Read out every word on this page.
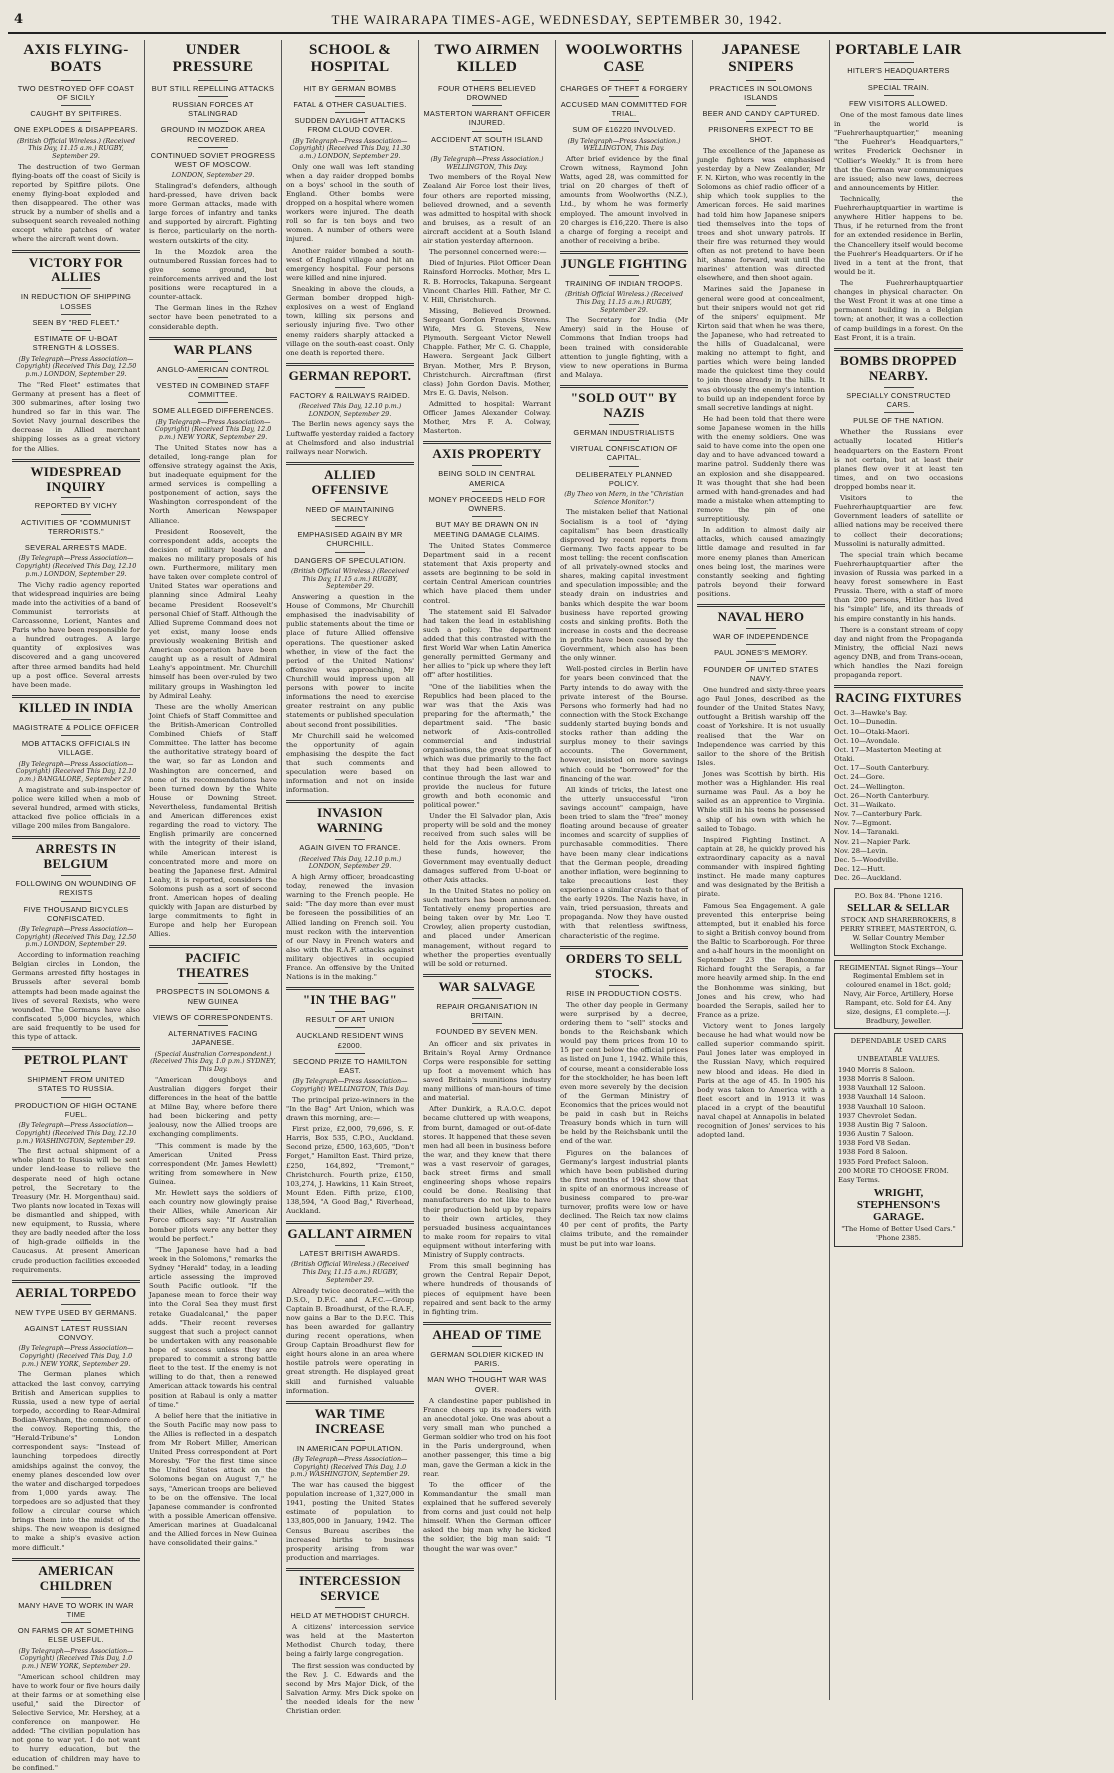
4	THE WAIRARAPA TIMES-AGE, WEDNESDAY, SEPTEMBER 30, 1942.
AXIS FLYING-BOATS
TWO DESTROYED OFF COAST OF SICILY
CAUGHT BY SPITFIRES.
ONE EXPLODES & DISAPPEARS.
(British Official Wireless.) (Received This Day, 11.15 a.m.) RUGBY, September 29.

The destruction of two German flying-boats off the coast of Sicily is reported by Spitfire pilots. One enemy flying-boat exploded and then disappeared. The other was struck by a number of shells and a subsequent search revealed nothing except white patches of water where the aircraft went down.

VICTORY FOR ALLIES
IN REDUCTION OF SHIPPING LOSSES
SEEN BY "RED FLEET."
ESTIMATE OF U-BOAT STRENGTH & LOSSES.
(By Telegraph—Press Association—Copyright) (Received This Day, 12.50 p.m.) LONDON, September 29.

The "Red Fleet" estimates that Germany at present has a fleet of 300 submarines, after losing two hundred so far in this war. The Soviet Navy journal describes the decrease in Allied merchant shipping losses as a great victory for the Allies.

WIDESPREAD INQUIRY
REPORTED BY VICHY
ACTIVITIES OF "COMMUNIST TERRORISTS."
SEVERAL ARRESTS MADE.
(By Telegraph—Press Association—Copyright) (Received This Day, 12.10 p.m.) LONDON, September 29.

The Vichy radio agency reported that widespread inquiries are being made into the activities of a band of Communist terrorists at Carcassonne, Lorient, Nantes and Paris who have been responsible for a hundred outrages. A large quantity of explosives was discovered and a gang uncovered after three armed bandits had held up a post office. Several arrests have been made.

KILLED IN INDIA
MAGISTRATE & POLICE OFFICER
MOB ATTACKS OFFICIALS IN VILLAGE.
(By Telegraph—Press Association—Copyright) (Received This Day, 12.10 p.m.) BANGALORE, September 29.

A magistrate and sub-inspector of police were killed when a mob of several hundred, armed with sticks, attacked five police officials in a village 200 miles from Bangalore.

ARRESTS IN BELGIUM
FOLLOWING ON WOUNDING OF REXISTS
FIVE THOUSAND BICYCLES CONFISCATED.
(By Telegraph—Press Association—Copyright) (Received This Day, 12.50 p.m.) LONDON, September 29.

According to information reaching Belgian circles in London, the Germans arrested fifty hostages in Brussels after several bomb attempts had been made against the lives of several Rexists, who were wounded. The Germans have also confiscated 5,000 bicycles, which are said frequently to be used for this type of attack.

PETROL PLANT
SHIPMENT FROM UNITED STATES TO RUSSIA.
PRODUCTION OF HIGH OCTANE FUEL.
(By Telegraph—Press Association—Copyright) (Received This Day, 12.10 p.m.) WASHINGTON, September 29.

The first actual shipment of a whole plant to Russia will be sent under lend-lease to relieve the desperate need of high octane petrol, the Secretary to the Treasury (Mr. H. Morgenthau) said. Two plants now located in Texas will be dismantled and shipped, with new equipment, to Russia, where they are badly needed after the loss of high-grade oilfields in the Caucasus. At present American crude production facilities exceeded requirements.

AERIAL TORPEDO
NEW TYPE USED BY GERMANS.
AGAINST LATEST RUSSIAN CONVOY.
(By Telegraph—Press Association—Copyright) (Received This Day, 1.0 p.m.) NEW YORK, September 29.

The German planes which attacked the last convoy, carrying British and American supplies to Russia, used a new type of aerial torpedo, according to Rear-Admiral Bodian-Wersham, the commodore of the convoy. Reporting this, the "Herald-Tribune's" London correspondent says: "Instead of launching torpedoes directly amidships against the convoy, the enemy planes descended low over the water and discharged torpedoes from 1,000 yards away. The torpedoes are so adjusted that they follow a circular course which brings them into the midst of the ships. The new weapon is designed to make a ship's evasive action more difficult."

AMERICAN CHILDREN
MANY HAVE TO WORK IN WAR TIME
ON FARMS OR AT SOMETHING ELSE USEFUL.
(By Telegraph—Press Association—Copyright) (Received This Day, 1.0 p.m.) NEW YORK, September 29.

"American school children may have to work four or five hours daily at their farms or at something else useful," said the Director of Selective Service, Mr. Hershey, at a conference on manpower. He added: "The civilian population has not gone to war yet. I do not want to hurry education, but the education of children may have to be confined."

UNDER PRESSURE
BUT STILL REPELLING ATTACKS
RUSSIAN FORCES AT STALINGRAD
GROUND IN MOZDOK AREA RECOVERED.
CONTINUED SOVIET PROGRESS WEST OF MOSCOW.
LONDON, September 29.

Stalingrad's defenders, although hard-pressed, have driven back more German attacks, made with large forces of infantry and tanks and supported by aircraft. Fighting is fierce, particularly on the north-western outskirts of the city.

In the Mozdok area the outnumbered Russian forces had to give some ground, but reinforcements arrived and the lost positions were recaptured in a counter-attack.

The German lines in the Rzhev sector have been penetrated to a considerable depth.

WAR PLANS
ANGLO-AMERICAN CONTROL
VESTED IN COMBINED STAFF COMMITTEE.
SOME ALLEGED DIFFERENCES.
(By Telegraph—Press Association—Copyright) (Received This Day, 12.0 p.m.) NEW YORK, September 29.

The United States now has a detailed, long-range plan for offensive strategy against the Axis, but inadequate equipment for the armed services is compelling a postponement of action, says the Washington correspondent of the North American Newspaper Alliance.

President Roosevelt, the correspondent adds, accepts the decision of military leaders and makes no military proposals of his own. Furthermore, military men have taken over complete control of United States war operations and planning since Admiral Leahy became President Roosevelt's personal Chief of Staff. Although the Allied Supreme Command does not yet exist, many loose ends previously weakening British and American cooperation have been caught up as a result of Admiral Leahy's appointment. Mr. Churchill himself has been over-ruled by two military groups in Washington led by Admiral Leahy.

These are the wholly American Joint Chiefs of Staff Committee and the British-American Controlled Combined Chiefs of Staff Committee. The latter has become the authoritative strategy board of the war, so far as London and Washington are concerned, and none of its recommendations have been turned down by the White House or Downing Street. Nevertheless, fundamental British and American differences exist regarding the road to victory. The English primarily are concerned with the integrity of their island, while American interest is concentrated more and more on beating the Japanese first. Admiral Leahy, it is reported, considers the Solomons push as a sort of second front. American hopes of dealing quickly with Japan are disturbed by large commitments to fight in Europe and help her European Allies.

PACIFIC THEATRES
PROSPECTS IN SOLOMONS & NEW GUINEA
VIEWS OF CORRESPONDENTS.
ALTERNATIVES FACING JAPANESE.
(Special Australian Correspondent.) (Received This Day, 1.0 p.m.) SYDNEY, This Day.

"American doughboys and Australian diggers forget their differences in the heat of the battle at Milne Bay, where before there had been bickering and petty jealousy, now the Allied troops are exchanging compliments.

"This comment is made by the American United Press correspondent (Mr. James Hewlett) writing from somewhere in New Guinea.

Mr. Hewlett says the soldiers of each country now glowingly praise their Allies, while American Air Force officers say: "If Australian bomber pilots were any better they would be perfect."

"The Japanese have had a bad week in the Solomons," remarks the Sydney "Herald" today, in a leading article assessing the improved South Pacific outlook. "If the Japanese mean to force their way into the Coral Sea they must first retake Guadalcanal," the paper adds. "Their recent reverses suggest that such a project cannot be undertaken with any reasonable hope of success unless they are prepared to commit a strong battle fleet to the test. If the enemy is not willing to do that, then a renewed American attack towards his central position at Rabaul is only a matter of time."

A belief here that the initiative in the South Pacific may now pass to the Allies is reflected in a despatch from Mr Robert Miller, American United Press correspondent at Port Moresby. "For the first time since the United States attack on the Solomons began on August 7," he says, "American troops are believed to be on the offensive. The local Japanese commander is confronted with a possible American offensive. American marines at Guadalcanal and the Allied forces in New Guinea have consolidated their gains."

SCHOOL & HOSPITAL
HIT BY GERMAN BOMBS
FATAL & OTHER CASUALTIES.
SUDDEN DAYLIGHT ATTACKS FROM CLOUD COVER.
(By Telegraph—Press Association—Copyright) (Received This Day, 11.30 a.m.) LONDON, September 29.

Only one wall was left standing when a day raider dropped bombs on a boys' school in the south of England. Other bombs were dropped on a hospital where women workers were injured. The death roll so far is ten boys and two women. A number of others were injured.

Another raider bombed a south-west of England village and hit an emergency hospital. Four persons were killed and nine injured.

Sneaking in above the clouds, a German bomber dropped high-explosives on a west of England town, killing six persons and seriously injuring five. Two other enemy raiders sharply attacked a village on the south-east coast. Only one death is reported there.

GERMAN REPORT.
FACTORY & RAILWAYS RAIDED.
(Received This Day, 12.10 p.m.) LONDON, September 29.

The Berlin news agency says the Luftwaffe yesterday raided a factory at Chelmsford and also industrial railways near Norwich.

ALLIED OFFENSIVE
NEED OF MAINTAINING SECRECY
EMPHASISED AGAIN BY MR CHURCHILL.
DANGERS OF SPECULATION.
(British Official Wireless.) (Received This Day, 11.15 a.m.) RUGBY, September 29.

Answering a question in the House of Commons, Mr Churchill emphasised the inadvisability of public statements about the time or place of future Allied offensive operations. The questioner asked whether, in view of the fact the period of the United Nations' offensive was approaching, Mr Churchill would impress upon all persons with power to incite informations the need to exercise greater restraint on any public statements or published speculation about second front possibilities.

Mr Churchill said he welcomed the opportunity of again emphasising the despite the fact that such comments and speculation were based on information and not on inside information.

INVASION WARNING
AGAIN GIVEN TO FRANCE.
(Received This Day, 12.10 p.m.) LONDON, September 29.

A high Army officer, broadcasting today, renewed the invasion warning to the French people. He said: "The day more than ever must be foreseen the possibilities of an Allied landing on French soil. You must reckon with the intervention of our Navy in French waters and also with the R.A.F. attacks against military objectives in occupied France. An offensive by the United Nations is in the making."

"IN THE BAG"
RESULT OF ART UNION
AUCKLAND RESIDENT WINS £2000.
SECOND PRIZE TO HAMILTON EAST.
(By Telegraph—Press Association—Copyright) WELLINGTON, This Day.

The principal prize-winners in the "In the Bag" Art Union, which was drawn this morning, are:—

First prize, £2,000, 79,696, S. F. Harris, Box 535, C.P.O., Auckland. Second prize, £500, 163,605, "Don't Forget," Hamilton East. Third prize, £250, 164,892, "Tremont," Christchurch. Fourth prize, £150, 103,274, J. Hawkins, 11 Kain Street, Mount Eden. Fifth prize, £100, 138,594, "A Good Bag," Riverhead, Auckland.

GALLANT AIRMEN
LATEST BRITISH AWARDS.
(British Official Wireless.) (Received This Day, 11.15 a.m.) RUGBY, September 29.

Already twice decorated—with the D.S.O., D.F.C. and A.F.C.—Group Captain B. Broadhurst, of the R.A.F., now gains a Bar to the D.F.C. This has been awarded for gallantry during recent operations, when Group Captain Broadhurst flew for eight hours alone in an area where hostile patrols were operating in great strength. He displayed great skill and furnished valuable information.

WAR TIME INCREASE
IN AMERICAN POPULATION.
(By Telegraph—Press Association—Copyright) (Received This Day, 1.0 p.m.) WASHINGTON, September 29.

The war has caused the biggest population increase of 1,327,000 in 1941, posting the United States estimate of population to 133,805,000 in January, 1942. The Census Bureau ascribes the increased births to business prosperity arising from war production and marriages.

INTERCESSION SERVICE
HELD AT METHODIST CHURCH.

A citizens' intercession service was held at the Masterton Methodist Church today, there being a fairly large congregation.

The first session was conducted by the Rev. J. C. Edwards and the second by Mrs Major Dick, of the Salvation Army. Mrs Dick spoke on the needed ideals for the new Christian order.

TWO AIRMEN KILLED
FOUR OTHERS BELIEVED DROWNED
MASTERTON WARRANT OFFICER INJURED.
ACCIDENT AT SOUTH ISLAND STATION.
(By Telegraph—Press Association.) WELLINGTON, This Day.

Two members of the Royal New Zealand Air Force lost their lives, four others are reported missing, believed drowned, and a seventh was admitted to hospital with shock and bruises, as a result of an aircraft accident at a South Island air station yesterday afternoon.

The personnel concerned were:—

Died of Injuries. Pilot Officer Dean Rainsford Horrocks. Mother, Mrs L. R. B. Horrocks, Takapuna. Sergeant Vincent Charles Hill. Father, Mr C. V. Hill, Christchurch.

Missing, Believed Drowned. Sergeant Gordon Francis Stevens. Wife, Mrs G. Stevens, New Plymouth. Sergeant Victor Newell Chapple. Father, Mr C. G. Chapple, Hawera. Sergeant Jack Gilbert Bryan. Mother, Mrs P. Bryson, Christchurch. Aircraftman (first class) John Gordon Davis. Mother, Mrs E. G. Davis, Nelson.

Admitted to hospital: Warrant Officer James Alexander Colway. Mother, Mrs F. A. Colway, Masterton.

AXIS PROPERTY
BEING SOLD IN CENTRAL AMERICA
MONEY PROCEEDS HELD FOR OWNERS.
BUT MAY BE DRAWN ON IN MEETING DAMAGE CLAIMS.

The United States Commerce Department said in a recent statement that Axis property and assets are beginning to be sold in certain Central American countries which have placed them under control.

The statement said El Salvador had taken the lead in establishing such a policy. The department added that this contrasted with the first World War when Latin America generally permitted Germany and her allies to "pick up where they left off" after hostilities.

"One of the liabilities when the Republics had been placed to the war was that the Axis was preparing for the aftermath," the department said. "The basic network of Axis-controlled commercial and industrial organisations, the great strength of which was due primarily to the fact that they had been allowed to continue through the last war and provide the nucleus for future growth and both economic and political power."

Under the El Salvador plan, Axis property will be sold and the money received from such sales will be held for the Axis owners. From these funds, however, the Government may eventually deduct damages suffered from U-boat or other Axis attacks.

In the United States no policy on such matters has been announced. Tentatively enemy properties are being taken over by Mr. Leo T. Crowley, alien property custodian, and placed under American management, without regard to whether the properties eventually will be sold or returned.

WAR SALVAGE
REPAIR ORGANISATION IN BRITAIN.
FOUNDED BY SEVEN MEN.

An officer and six privates in Britain's Royal Army Ordnance Corps were responsible for setting up foot a movement which has saved Britain's munitions industry many millions of man-hours of time and material.

After Dunkirk, a R.A.O.C. depot became cluttered up with weapons, from burnt, damaged or out-of-date stores. It happened that these seven men had all been in business before the war, and they knew that there was a vast reservoir of garages, back street firms and small engineering shops whose repairs could be done. Realising that manufacturers do not like to have their production held up by repairs to their own articles, they persuaded business acquaintances to make room for repairs to vital equipment without interfering with Ministry of Supply contracts.

From this small beginning has grown the Central Repair Depot, where hundreds of thousands of pieces of equipment have been repaired and sent back to the army in fighting trim.

AHEAD OF TIME
GERMAN SOLDIER KICKED IN PARIS.
MAN WHO THOUGHT WAR WAS OVER.

A clandestine paper published in France cheers up its readers with an anecdotal joke. One was about a very small man who punched a German soldier who trod on his foot in the Paris underground, when another passenger, this time a big man, gave the German a kick in the rear.

To the officer of the Kommandantur the small man explained that he suffered severely from corns and just could not help himself. When the German officer asked the big man why he kicked the soldier, the big man said: "I thought the war was over."

WOOLWORTHS CASE
CHARGES OF THEFT & FORGERY
ACCUSED MAN COMMITTED FOR TRIAL.
SUM OF £16220 INVOLVED.
(By Telegraph—Press Association.) WELLINGTON, This Day.

After brief evidence by the final Crown witness, Raymond John Watts, aged 28, was committed for trial on 20 charges of theft of amounts from Woolworths (N.Z.), Ltd., by whom he was formerly employed. The amount involved in 20 charges is £16,220. There is also a charge of forging a receipt and another of receiving a bribe.

JUNGLE FIGHTING
TRAINING OF INDIAN TROOPS.
(British Official Wireless.) (Received This Day, 11.15 a.m.) RUGBY, September 29.

The Secretary for India (Mr Amery) said in the House of Commons that Indian troops had been trained with considerable attention to jungle fighting, with a view to new operations in Burma and Malaya.

"SOLD OUT" BY NAZIS
GERMAN INDUSTRIALISTS
VIRTUAL CONFISCATION OF CAPITAL.
DELIBERATELY PLANNED POLICY.
(By Theo von Mern, in the "Christian Science Monitor.")

The mistaken belief that National Socialism is a tool of "dying capitalism" has been drastically disproved by recent reports from Germany. Two facts appear to be most telling: the recent confiscation of all privately-owned stocks and shares, making capital investment and speculation impossible; and the steady drain on industries and banks which despite the war boom business have reported growing costs and sinking profits. Both the increase in costs and the decrease in profits have been caused by the Government, which also has been the only winner.

Well-posted circles in Berlin have for years been convinced that the Party intends to do away with the private interest of the Bourse. Persons who formerly had had no connection with the Stock Exchange suddenly started buying bonds and stocks rather than adding the surplus money to their savings accounts. The Government, however, insisted on more savings which could be "borrowed" for the financing of the war.

All kinds of tricks, the latest one the utterly unsuccessful "iron savings account" campaign, have been tried to slam the "free" money floating around because of greater incomes and scarcity of supplies of purchasable commodities. There have been many clear indications that the German people, dreading another inflation, were beginning to take precautions lest they experience a similar crash to that of the early 1920s. The Nazis have, in vain, tried persuasion, threats and propaganda. Now they have ousted with that relentless swiftness, characteristic of the regime.

ORDERS TO SELL STOCKS.
RISE IN PRODUCTION COSTS.

The other day people in Germany were surprised by a decree, ordering them to "sell" stocks and bonds to the Reichsbank which would pay them prices from 10 to 15 per cent below the official prices as listed on June 1, 1942. While this, of course, meant a considerable loss for the stockholder, he has been left even more severely by the decision of the German Ministry of Economics that the prices would not be paid in cash but in Reichs Treasury bonds which in turn will be held by the Reichsbank until the end of the war.

Figures on the balances of Germany's largest industrial plants which have been published during the first months of 1942 show that in spite of an enormous increase of business compared to pre-war turnover, profits were low or have declined. The Reich tax now claims 40 per cent of profits, the Party claims tribute, and the remainder must be put into war loans.

JAPANESE SNIPERS
PRACTICES IN SOLOMONS ISLANDS
BEER AND CANDY CAPTURED.
PRISONERS EXPECT TO BE SHOT.

The excellence of the Japanese as jungle fighters was emphasised yesterday by a New Zealander, Mr F. N. Kirton, who was recently in the Solomons as chief radio officer of a ship which took supplies to the American forces. He said marines had told him how Japanese snipers tied themselves into the tops of trees and shot unwary patrols. If their fire was returned they would often as not pretend to have been hit, shame forward, wait until the marines' attention was directed elsewhere, and then shoot again.

Marines said the Japanese in general were good at concealment, but their snipers would not get rid of the snipers' equipment. Mr Kirton said that when he was there, the Japanese, who had retreated to the hills of Guadalcanal, were making no attempt to fight, and parties which were being landed made the quickest time they could to join those already in the hills. It was obviously the enemy's intention to build up an independent force by small secretive landings at night.

He had been told that there were some Japanese women in the hills with the enemy soldiers. One was said to have come into the open one day and to have advanced toward a marine patrol. Suddenly there was an explosion and she disappeared. It was thought that she had been armed with hand-grenades and had made a mistake when attempting to remove the pin of one surreptitiously.

In addition to almost daily air attacks, which caused amazingly little damage and resulted in far more enemy planes than American ones being lost, the marines were constantly seeking and fighting patrols beyond their forward positions.

NAVAL HERO
WAR OF INDEPENDENCE
PAUL JONES'S MEMORY.
FOUNDER OF UNITED STATES NAVY.

One hundred and sixty-three years ago Paul Jones, described as the founder of the United States Navy, outfought a British warship off the coast of Yorkshire. It is not usually realised that the War on Independence was carried by this sailor to the shore of the British Isles.

Jones was Scottish by birth. His mother was a Highlander. His real surname was Paul. As a boy he sailed as an apprentice to Virginia. While still in his teens he possessed a ship of his own with which he sailed to Tobago.

Inspired Fighting Instinct. A captain at 28, he quickly proved his extraordinary capacity as a naval commander with inspired fighting instinct. He made many captures and was designated by the British a pirate.

Famous Sea Engagement. A gale prevented this enterprise being attempted, but it enabled his force to sight a British convoy bound from the Baltic to Scarborough. For three and a-half hours in the moonlight on September 23 the Bonhomme Richard fought the Serapis, a far more heavily armed ship. In the end the Bonhomme was sinking, but Jones and his crew, who had boarded the Serapis, sailed her to France as a prize.

Victory went to Jones largely because he had what would now be called superior commando spirit. Paul Jones later was employed in the Russian Navy, which required new blood and ideas. He died in Paris at the age of 45. In 1905 his body was taken to America with a fleet escort and in 1913 it was placed in a crypt of the beautiful naval chapel at Annapolis in belated recognition of Jones' services to his adopted land.

PORTABLE LAIR
HITLER'S HEADQUARTERS
SPECIAL TRAIN.
FEW VISITORS ALLOWED.

One of the most famous date lines in the world is "Fuehrerhauptquartier," meaning "the Fuehrer's Headquarters," writes Frederick Oechsner in "Collier's Weekly." It is from here that the German war communiques are issued; also new laws, decrees and announcements by Hitler.

Technically, the Fuehrerhauptquartier in wartime is anywhere Hitler happens to be. Thus, if he returned from the front for an extended residence in Berlin, the Chancellery itself would become the Fuehrer's Headquarters. Or if he lived in a tent at the front, that would be it.

The Fuehrerhauptquartier changes in physical character. On the West Front it was at one time a permanent building in a Belgian town; at another, it was a collection of camp buildings in a forest. On the East Front, it is a train.

BOMBS DROPPED NEARBY.
SPECIALLY CONSTRUCTED CARS.
PULSE OF THE NATION.

Whether the Russians ever actually located Hitler's headquarters on the Eastern Front is not certain, but at least their planes flew over it at least ten times, and on two occasions dropped bombs near it.

Visitors to the Fuehrerhauptquartier are few. Government leaders of satellite or allied nations may be received there to collect their decorations; Mussolini is naturally admitted.

The special train which became Fuehrerhauptquartier after the invasion of Russia was parked in a heavy forest somewhere in East Prussia. There, with a staff of more than 200 persons, Hitler has lived his "simple" life, and its threads of his empire constantly in his hands.

There is a constant stream of copy day and night from the Propaganda Ministry, the official Nazi news agency DNB, and from Trans-ocean, which handles the Nazi foreign propaganda report.

RACING FIXTURES
Oct. 3—Hawke's Bay.
Oct. 10—Dunedin.
Oct. 10—Otaki-Maori.
Oct. 10—Avondale.
Oct. 17—Masterton Meeting at Otaki.
Oct. 17—South Canterbury.
Oct. 24—Gore.
Oct. 24—Wellington.
Oct. 26—North Canterbury.
Oct. 31—Waikato.
Nov. 7—Canterbury Park.
Nov. 7—Egmont.
Nov. 14—Taranaki.
Nov. 21—Napier Park.
Nov. 28—Levin.
Dec. 5—Woodville.
Dec. 12—Hutt.
Dec. 26—Auckland.
P.O. Box 84. 'Phone 1216.
SELLAR & SELLAR
STOCK AND SHAREBROKERS, 8 PERRY STREET, MASTERTON, G. W. Sellar Country Member Wellington Stock Exchange.
REGIMENTAL Signet Rings—Your Regimental Emblem set in coloured enamel in 18ct. gold; Navy, Air Force, Artillery, Horse Rampant, etc. Sold for £4. Any size, designs, £1 complete.—J. Bradbury, Jeweller.
DEPENDABLE USED CARS
At
UNBEATABLE VALUES.
1940 Morris 8 Saloon.
1938 Morris 8 Saloon.
1938 Vauxhall 12 Saloon.
1938 Vauxhall 14 Saloon.
1938 Vauxhall 10 Saloon.
1937 Chevrolet Sedan.
1938 Austin Big 7 Saloon.
1936 Austin 7 Saloon.
1938 Ford V8 Sedan.
1938 Ford 8 Saloon.
1935 Ford Prefect Saloon.
200 MORE TO CHOOSE FROM. Easy Terms.
WRIGHT, STEPHENSON'S GARAGE.
"The Home of Better Used Cars." 'Phone 2385.
